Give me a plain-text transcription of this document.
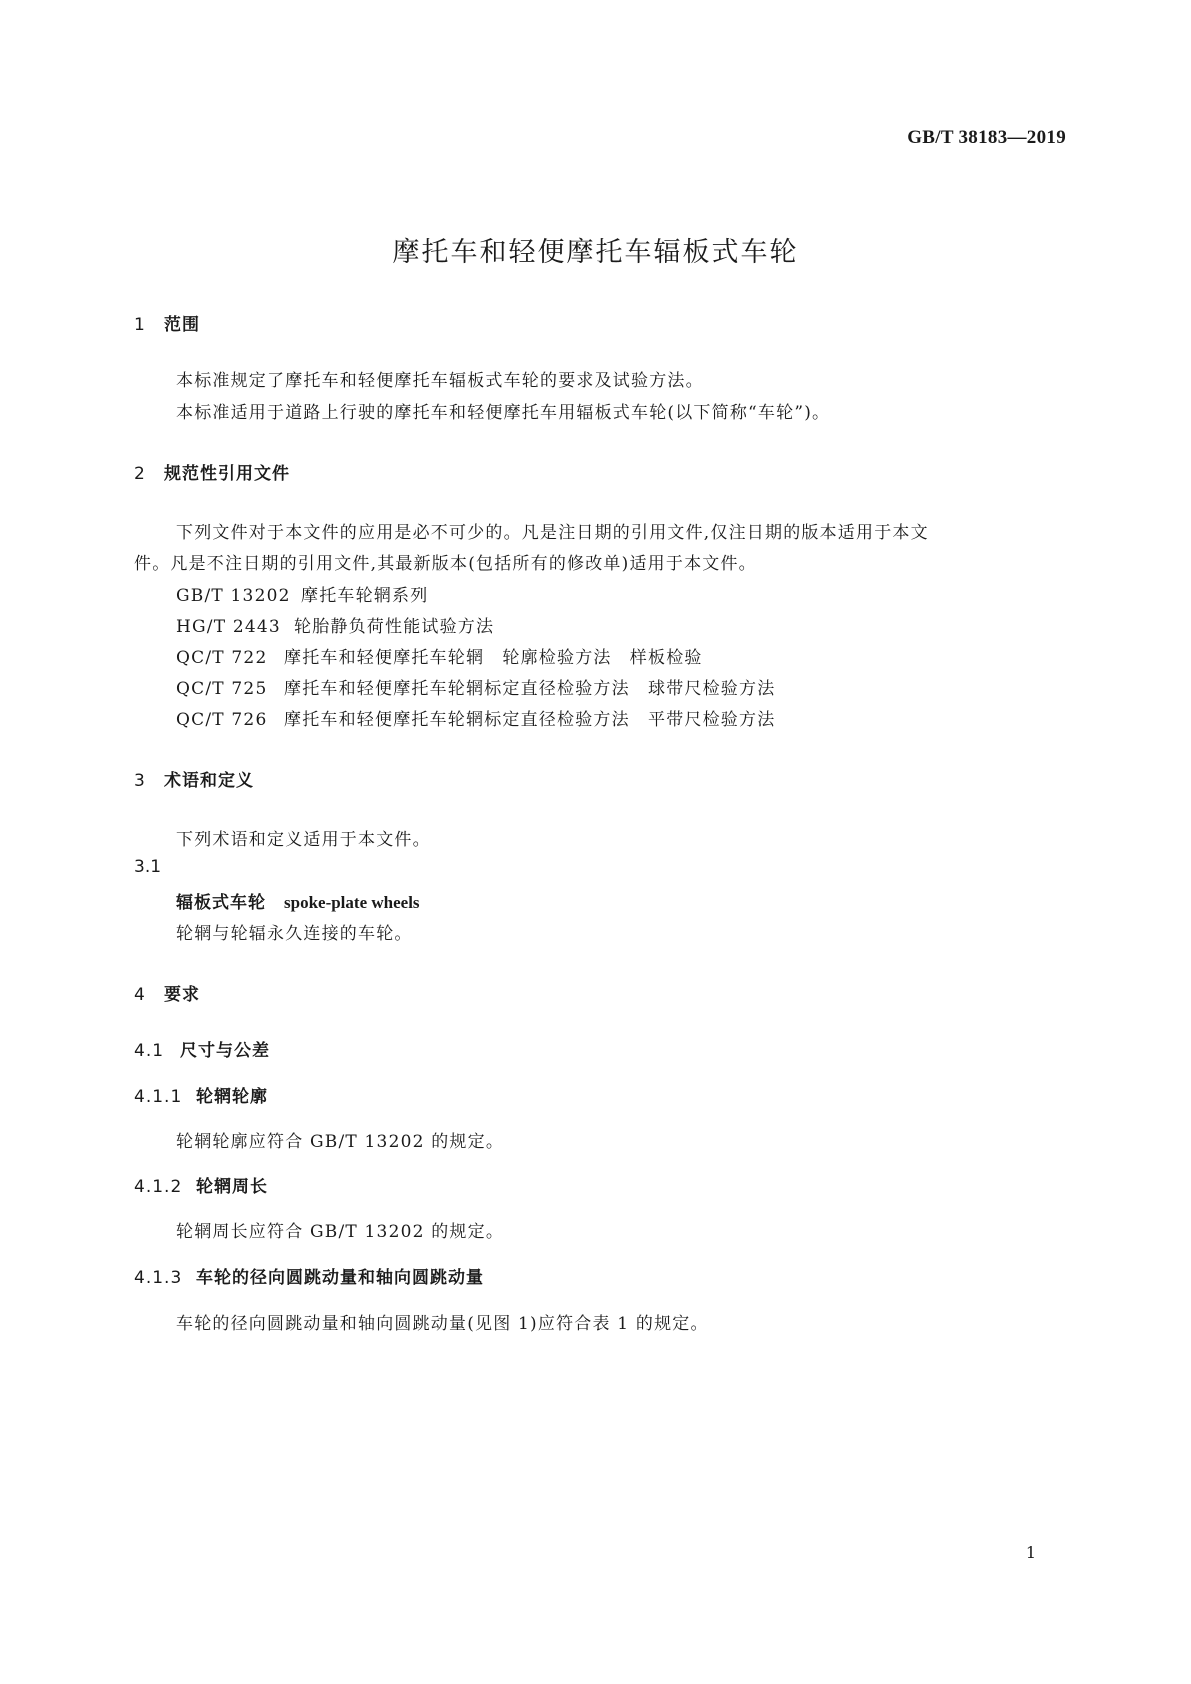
GB/T 38183—2019
摩托车和轻便摩托车辐板式车轮
1 范围
本标准规定了摩托车和轻便摩托车辐板式车轮的要求及试验方法。
本标准适用于道路上行驶的摩托车和轻便摩托车用辐板式车轮(以下简称“车轮”)。
2 规范性引用文件
下列文件对于本文件的应用是必不可少的。凡是注日期的引用文件,仅注日期的版本适用于本文
件。凡是不注日期的引用文件,其最新版本(包括所有的修改单)适用于本文件。
GB/T 13202 摩托车轮辋系列
HG/T 2443 轮胎静负荷性能试验方法
QC/T 722 摩托车和轻便摩托车轮辋　轮廓检验方法　样板检验
QC/T 725 摩托车和轻便摩托车轮辋标定直径检验方法　球带尺检验方法
QC/T 726 摩托车和轻便摩托车轮辋标定直径检验方法　平带尺检验方法
3 术语和定义
下列术语和定义适用于本文件。
3.1
辐板式车轮 spoke-plate wheels
轮辋与轮辐永久连接的车轮。
4 要求
4.1 尺寸与公差
4.1.1 轮辋轮廓
轮辋轮廓应符合 GB/T 13202 的规定。
4.1.2 轮辋周长
轮辋周长应符合 GB/T 13202 的规定。
4.1.3 车轮的径向圆跳动量和轴向圆跳动量
车轮的径向圆跳动量和轴向圆跳动量(见图 1)应符合表 1 的规定。
1
